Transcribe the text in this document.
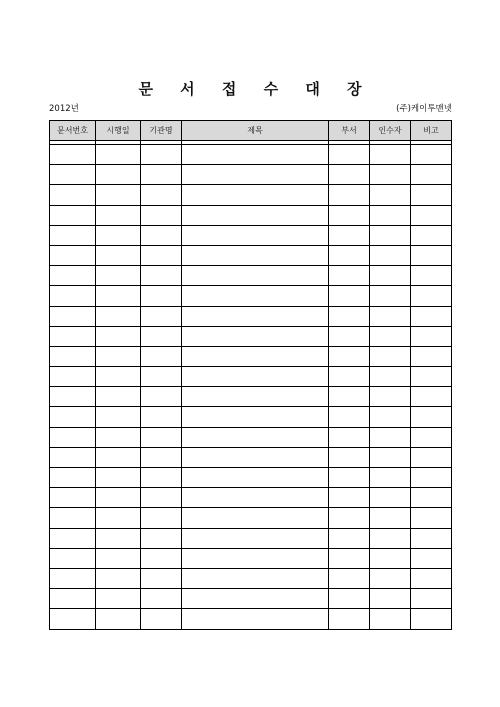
문 서 접 수 대 장
2012년	(주)케이투맨넷
문서번호	시행일	기관명	제목	부서	인수자	비고
